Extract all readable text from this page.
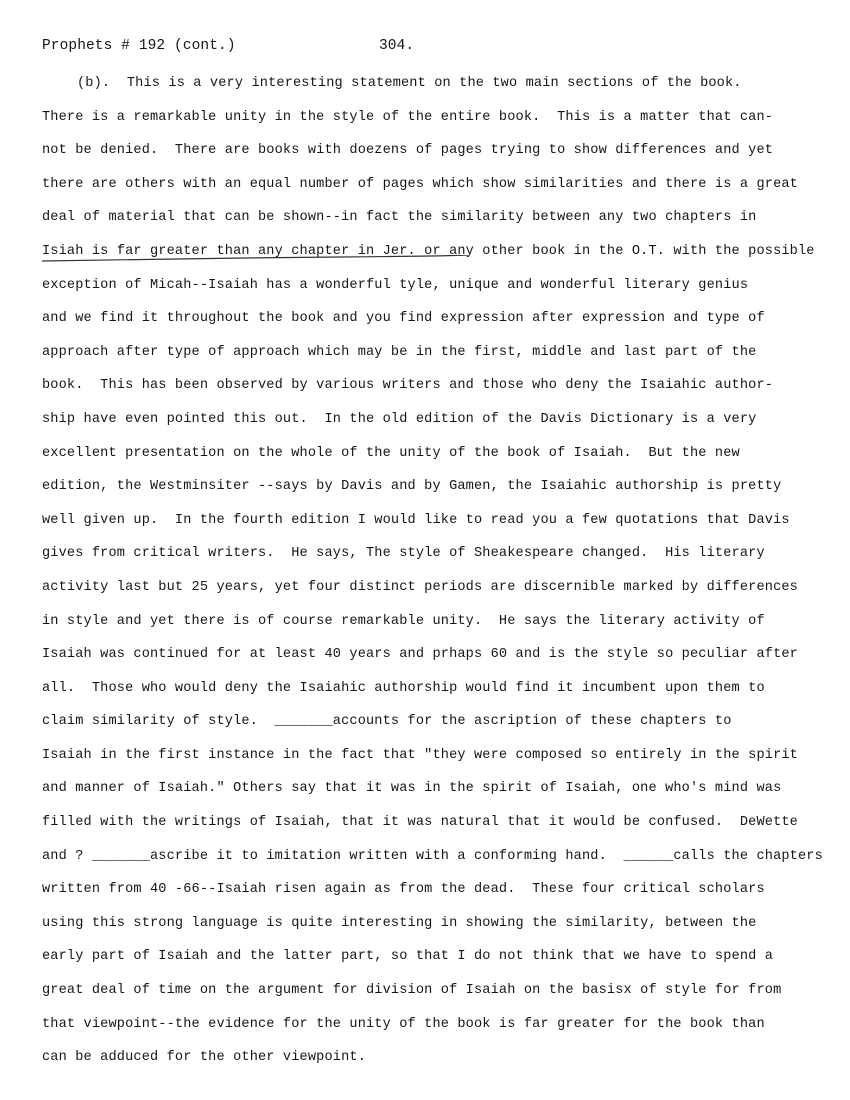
Prophets # 192 (cont.)	304.
(b).  This is a very interesting statement on the two main sections of the book.
There is a remarkable unity in the style of the entire book.  This is a matter that can-
not be denied.  There are books with doezens of pages trying to show differences and yet
there are others with an equal number of pages which show similarities and there is a great
deal of material that can be shown--in fact the similarity between any two chapters in
Isiah is far greater than any chapter in Jer. or any other book in the O.T. with the possible
exception of Micah--Isaiah has a wonderful tyle, unique and wonderful literary genius
and we find it throughout the book and you find expression after expression and type of
approach after type of approach which may be in the first, middle and last part of the
book.  This has been observed by various writers and those who deny the Isaiahic author-
ship have even pointed this out.  In the old edition of the Davis Dictionary is a very
excellent presentation on the whole of the unity of the book of Isaiah.  But the new
edition, the Westminsiter --says by Davis and by Gamen, the Isaiahic authorship is pretty
well given up.  In the fourth edition I would like to read you a few quotations that Davis
gives from critical writers.  He says, The style of Sheakespeare changed.  His literary
activity last but 25 years, yet four distinct periods are discernible marked by differences
in style and yet there is of course remarkable unity.  He says the literary activity of
Isaiah was continued for at least 40 years and prhaps 60 and is the style so peculiar after
all.  Those who would deny the Isaiahic authorship would find it incumbent upon them to
claim similarity of style.  _______accounts for the ascription of these chapters to
Isaiah in the first instance in the fact that "they were composed so entirely in the spirit
and manner of Isaiah." Others say that it was in the spirit of Isaiah, one who's mind was
filled with the writings of Isaiah, that it was natural that it would be confused.  DeWette
and ? _______ascribe it to imitation written with a conforming hand.  ______calls the chapters
written from 40 -66--Isaiah risen again as from the dead.  These four critical scholars
using this strong language is quite interesting in showing the similarity, between the
early part of Isaiah and the latter part, so that I do not think that we have to spend a
great deal of time on the argument for division of Isaiah on the basisx of style for from
that viewpoint--the evidence for the unity of the book is far greater for the book than
can be adduced for the other viewpoint.
